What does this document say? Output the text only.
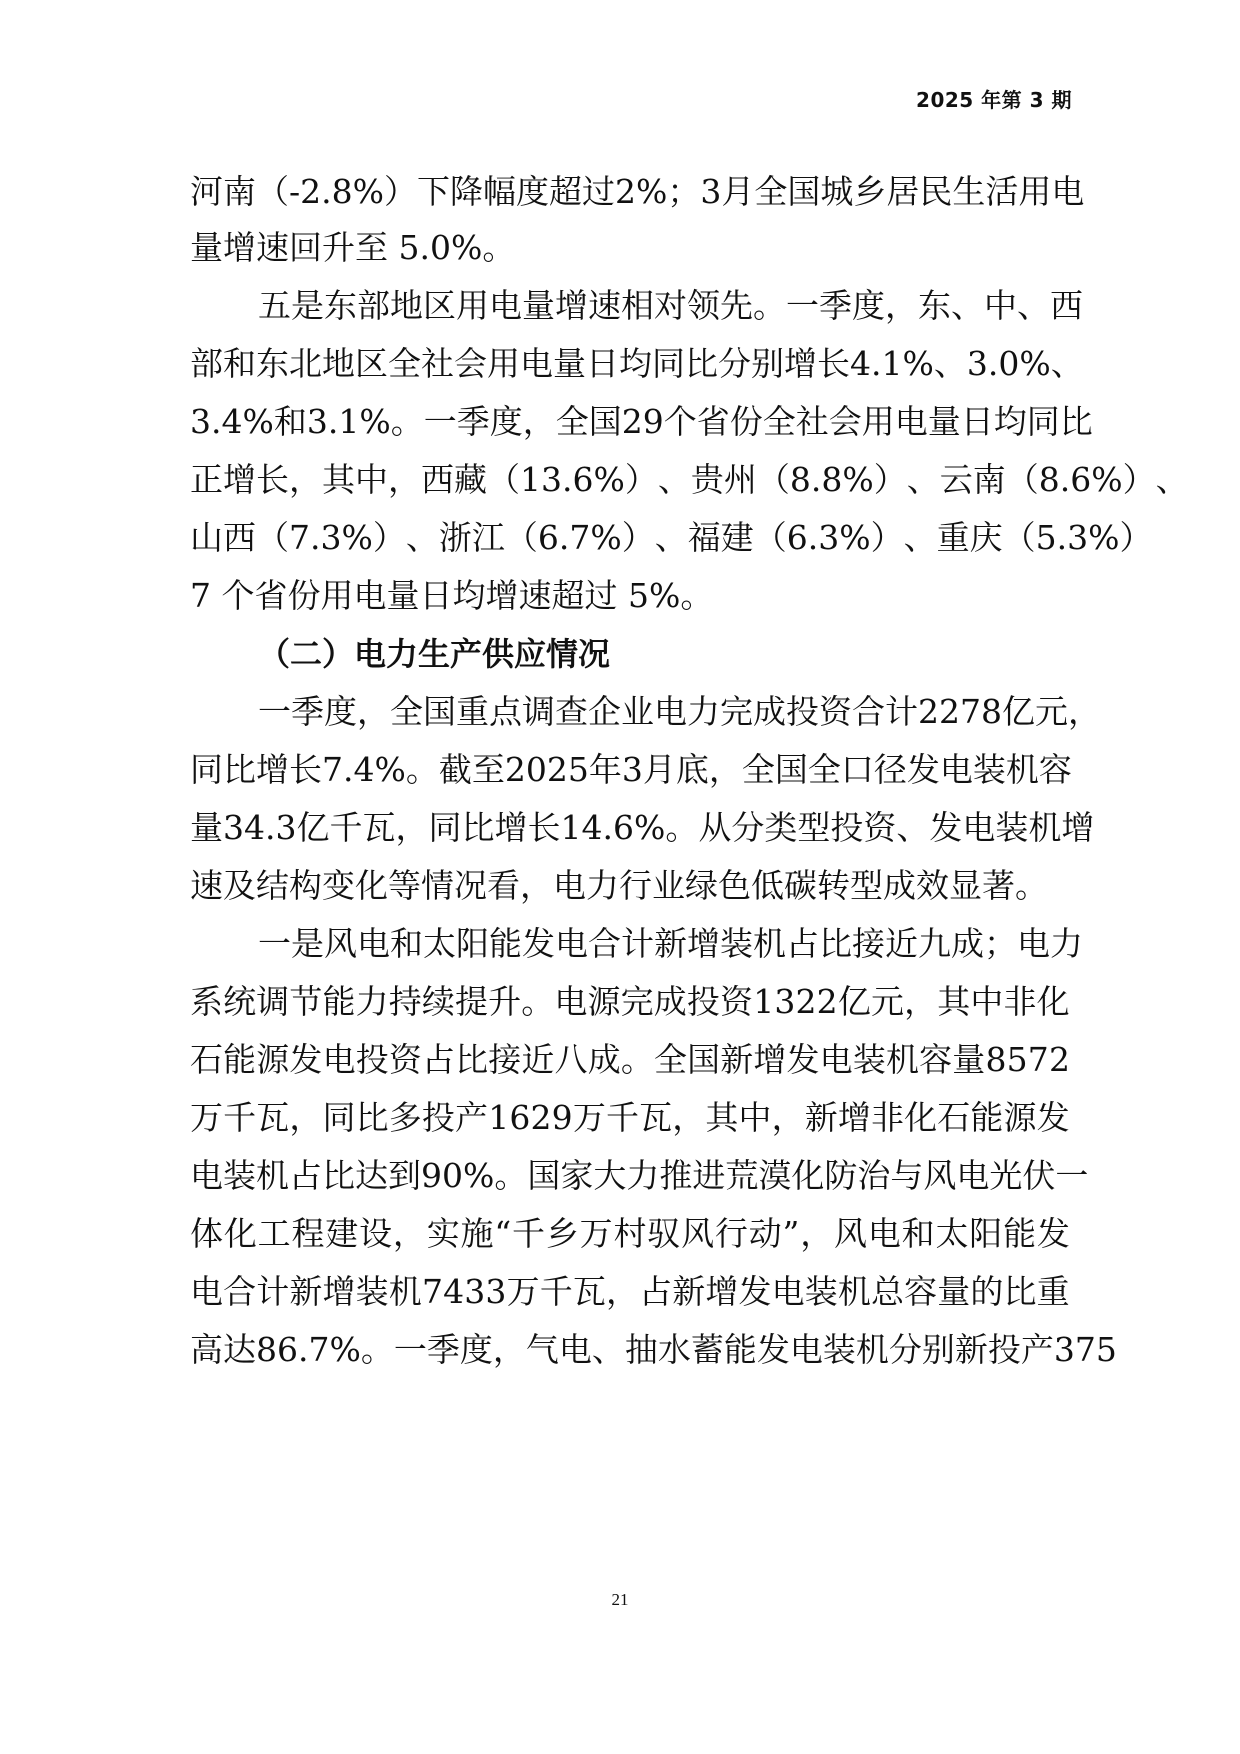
2025 年第 3 期
河 南 （ - 2 . 8 % ） 下 降 幅 度 超 过 2 % ； 3 月 全 国 城 乡 居 民 生 活 用 电
量增速回升至 5.0%。
五 是 东 部 地 区 用 电 量 增 速 相 对 领 先 。 一 季 度 ， 东 、 中 、 西
部 和 东 北 地 区 全 社 会 用 电 量 日 均 同 比 分 别 增 长 4 . 1 % 、 3 . 0 % 、
3 . 4 % 和 3 . 1 % 。 一 季 度 ， 全 国 2 9 个 省 份 全 社 会 用 电 量 日 均 同 比
正 增 长 ， 其 中 ， 西 藏 （ 1 3 . 6 % ） 、 贵 州 （ 8 . 8 % ） 、 云 南 （ 8 . 6 % ） 、
山 西 （ 7 . 3 % ） 、 浙 江 （ 6 . 7 % ） 、 福 建 （ 6 . 3 % ） 、 重 庆 （ 5 . 3 % ）
7 个省份用电量日均增速超过 5%。
（二）电力生产供应情况
一 季 度 ， 全 国 重 点 调 查 企 业 电 力 完 成 投 资 合 计 2 2 7 8 亿 元 ，
同 比 增 长 7 . 4 % 。 截 至 2 0 2 5 年 3 月 底 ， 全 国 全 口 径 发 电 装 机 容
量 3 4 . 3 亿 千 瓦 ， 同 比 增 长 1 4 . 6 % 。 从 分 类 型 投 资 、 发 电 装 机 增
速及结构变化等情况看，电力行业绿色低碳转型成效显著。
一 是 风 电 和 太 阳 能 发 电 合 计 新 增 装 机 占 比 接 近 九 成 ； 电 力
系 统 调 节 能 力 持 续 提 升 。 电 源 完 成 投 资 1 3 2 2 亿 元 ， 其 中 非 化
石 能 源 发 电 投 资 占 比 接 近 八 成 。 全 国 新 增 发 电 装 机 容 量 8 5 7 2
万 千 瓦 ， 同 比 多 投 产 1 6 2 9 万 千 瓦 ， 其 中 ， 新 增 非 化 石 能 源 发
电 装 机 占 比 达 到 9 0 % 。 国 家 大 力 推 进 荒 漠 化 防 治 与 风 电 光 伏 一
体 化 工 程 建 设 ， 实 施 “ 千 乡 万 村 驭 风 行 动 ” ， 风 电 和 太 阳 能 发
电 合 计 新 增 装 机 7 4 3 3 万 千 瓦 ， 占 新 增 发 电 装 机 总 容 量 的 比 重
高 达 8 6 . 7 % 。 一 季 度 ， 气 电 、 抽 水 蓄 能 发 电 装 机 分 别 新 投 产 3 7 5
21
